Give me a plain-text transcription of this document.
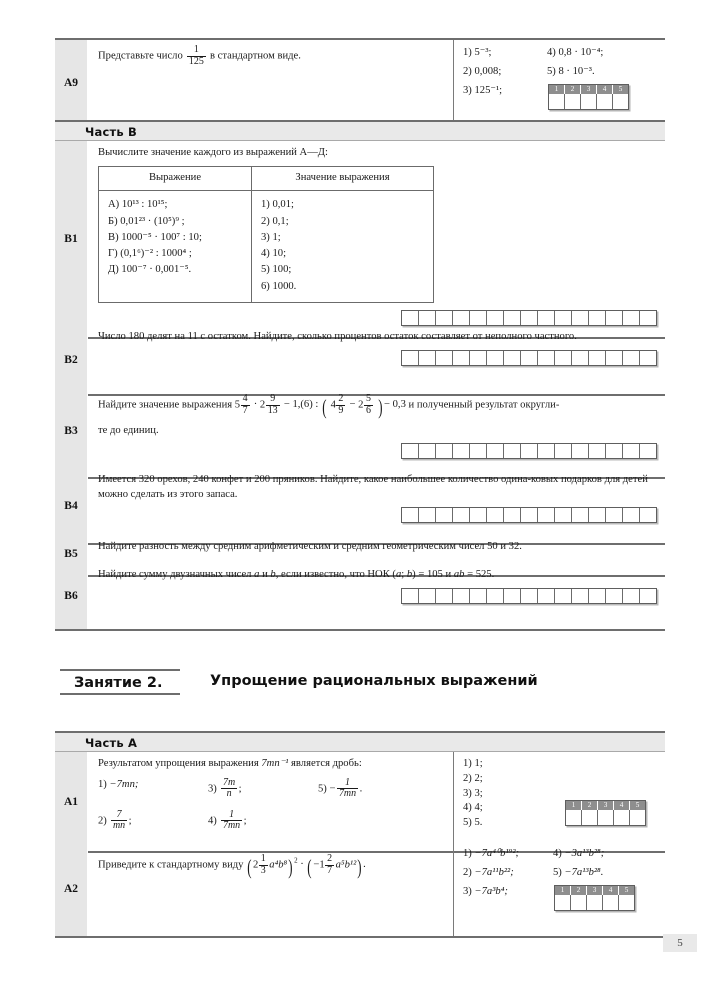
A9	Представьте число $\frac{1}{125}$ в стандартном виде.	1) 5⁻³;	4) 0,8 · 10⁻⁴;
2) 0,008;	5) 8 · 10⁻³.
3) 125⁻¹;	1	2	3	4	5
Часть В
B1	
Вычислите значение каждого из выражений А—Д:
Выражение	Значение выражения

А) 10¹³ : 10¹⁵;
Б) 0,01²³ · (10⁵)⁹ ;
В) 1000⁻⁵ · 100⁷ : 10;
Г) (0,1⁶)⁻² : 1000⁴ ;
Д) 100⁻⁷ · 0,001⁻⁵.

1) 0,01;
2) 0,1;
3) 1;
4) 10;
5) 100;
6) 1000.
B2	
Число 180 делят на 11 с остатком. Найдите, сколько процентов остаток составляет от неполного частного.
B3	
Найдите значение выражения $5 \frac{4}{7} \cdot 2 \frac{9}{13} - 1,(6)$ : ( $4 \frac{2}{9} - 2 \frac{5}{6}$ )− 0,3 и полученный результат округли-
те до единиц.
B4	
Имеется 320 орехов, 240 конфет и 200 пряников. Найдите, какое наибольшее количество одина-ковых подарков для детей можно сделать из этого запаса.
B5	
Найдите разность между средним арифметическим и средним геометрическим чисел 50 и 32.
B6	
Найдите сумму двузначных чисел a и b, если известно, что НОК (a; b) = 105 и ab = 525.
Занятие 2.	Упрощение рациональных выражений
Часть А
A1	
Результатом упрощения выражения 7mn⁻¹ является дробь:
1) −7mn;	$3) \frac{7m}{n}$ ;	$5) - \frac{1}{7mn}$ .
$2) \frac{7}{mn}$ ;	$4) \frac{1}{7mn}$ ;

1) 1;
2) 2;
3) 3;
4) 4;	1	2	3	4	5
5) 5.
A2	Приведите к стандартному виду $(2 \frac{1}{3} a^4b^8)^2 \cdot (-1 \frac{2}{7} a^5b^{12})$.	
1) −7a⁴⁰b¹⁹²;	4) −3a¹³b²⁸;
2) −7a¹¹b²²;	5) −7a¹³b²⁸.
3) −7a³b⁴;	1	2	3	4	5
5
